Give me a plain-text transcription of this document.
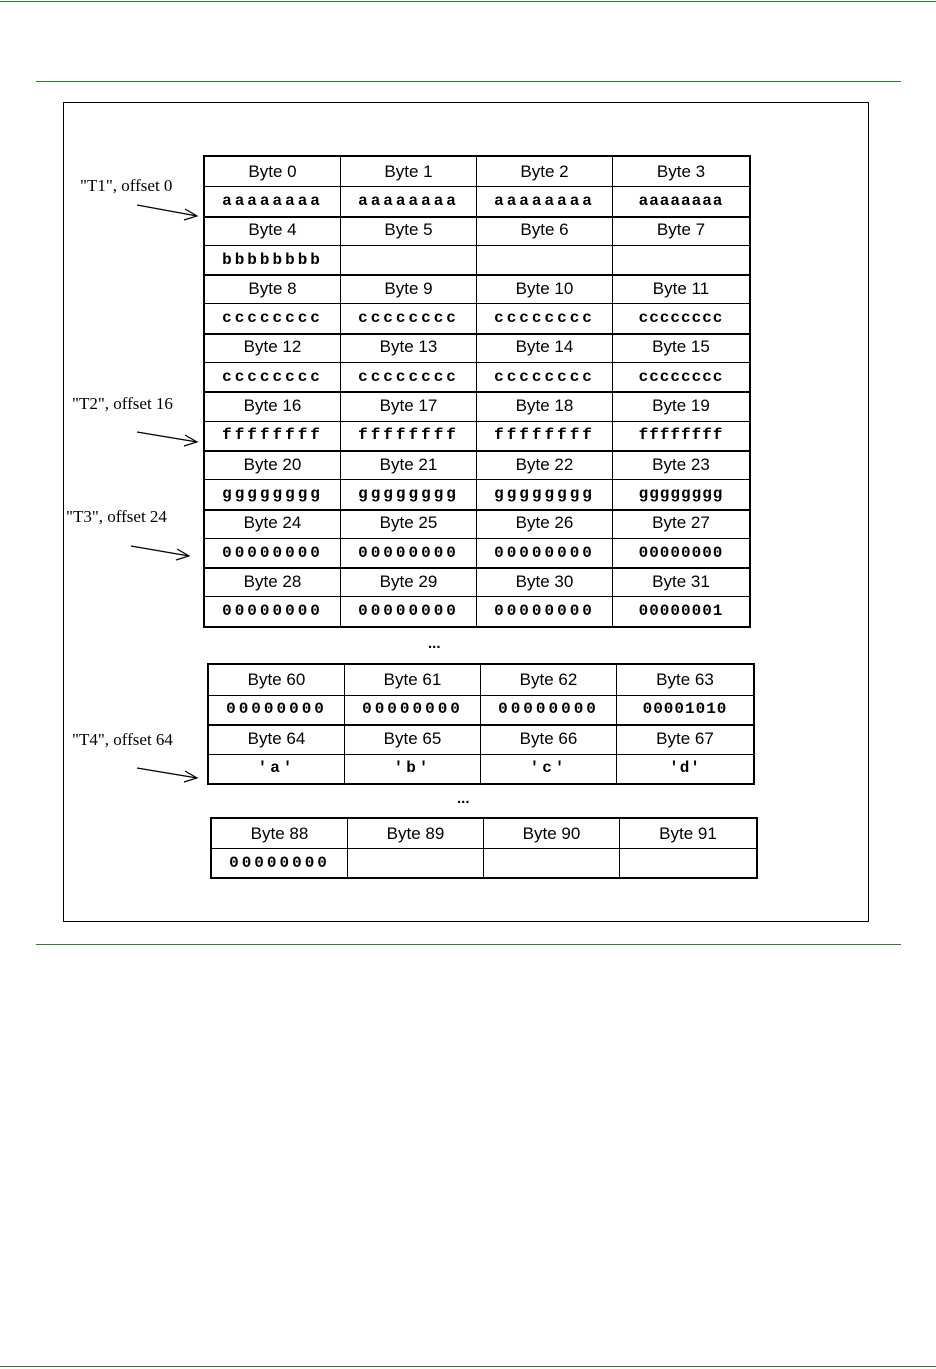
Byte 0	Byte 1	Byte 2	Byte 3
aaaaaaaa	aaaaaaaa	aaaaaaaa	aaaaaaaa
Byte 4	Byte 5	Byte 6	Byte 7
bbbbbbbb
Byte 8	Byte 9	Byte 10	Byte 11
cccccccc	cccccccc	cccccccc	cccccccc
Byte 12	Byte 13	Byte 14	Byte 15
cccccccc	cccccccc	cccccccc	cccccccc
Byte 16	Byte 17	Byte 18	Byte 19
ffffffff	ffffffff	ffffffff	ffffffff
Byte 20	Byte 21	Byte 22	Byte 23
gggggggg	gggggggg	gggggggg	gggggggg
Byte 24	Byte 25	Byte 26	Byte 27
00000000	00000000	00000000	00000000
Byte 28	Byte 29	Byte 30	Byte 31
00000000	00000000	00000000	00000001
Byte 60	Byte 61	Byte 62	Byte 63
00000000	00000000	00000000	00001010
Byte 64	Byte 65	Byte 66	Byte 67
'a'	'b'	'c'	'd'
Byte 88	Byte 89	Byte 90	Byte 91
00000000
"T1", offset 0
"T2", offset 16
"T3", offset 24
"T4", offset 64
...
...
